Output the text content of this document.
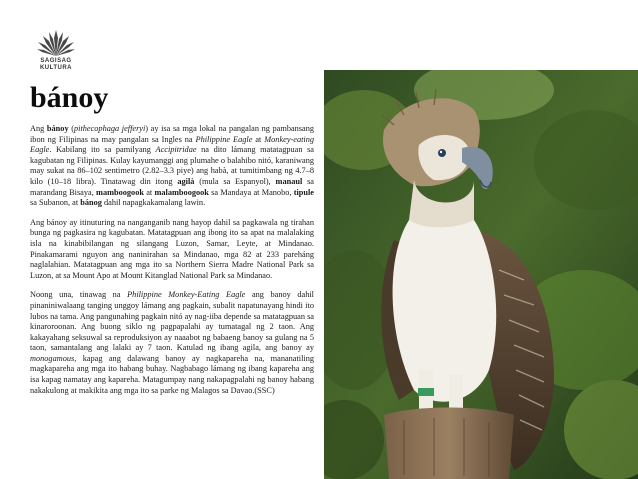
SAGISAG
KULTURA
bánoy

Ang bánoy (pithecophaga jefferyi) ay isa sa mga lokal na pangalan ng pambansang ibon ng Filipinas na may pangalan sa Ingles na Philippine Eagle at Monkey-eating Eagle. Kabilang ito sa pamilyang Accipitridae na dito lámang matatagpuan sa kagubatan ng Filipinas. Kulay kayumanggi ang plumahe o balahibo nitó, karaniwang may sukat na 86–102 sentimetro (2.82–3.3 piye) ang habà, at tumitimbang ng 4.7–8 kilo (10–18 libra). Tinatawag din itong agilà (mula sa Espanyol), manaul sa marandang Bisaya, mamboogook at malamboogook sa Mandaya at Manobo, tipule sa Subanon, at bánog dahil napagkakamalang lawin.

Ang bánoy ay itinuturing na nanganganib nang hayop dahil sa pagkawala ng tirahan bunga ng pagkasira ng kagubatan. Matatagpuan ang ibong ito sa apat na malalaking isla na kinabibilangan ng silangang Luzon, Samar, Leyte, at Mindanao. Pinakamarami nguyon ang naninirahan sa Mindanao, mga 82 at 233 pareháng naglalahian. Matatagpuan ang mga ito sa Northern Sierra Madre National Park sa Luzon, at sa Mount Apo at Mount Kitanglad National Park sa Mindanao.

Noong una, tinawag na Philippine Monkey-Eating Eagle ang banoy dahil pinaniniwalaang tanging unggoy lámang ang pagkain, subalit napatunayang hindi ito lubos na tama. Ang pangunahing pagkain nitó ay nag-iiba depende sa matatagpuan sa kinaroroonan. Ang buong siklo ng pagpapalahi ay tumatagal ng 2 taon. Ang kakayahang seksuwal sa reproduksiyon ay naaabot ng babaeng banoy sa gulang na 5 taon, samantalang ang lalaki ay 7 taon. Katulad ng ibang agila, ang banoy ay monogamous, kapag ang dalawang banoy ay nagkapareha na, mananatiling magkapareha ang mga ito habang buhay. Nagbabago lámang ng ibang kapareha ang isa kapag namatay ang kapareha. Matagumpay nang nakapagpalahi ng banoy habang nakakulong at makikita ang mga ito sa parke ng Malagos sa Davao.(SSC)
